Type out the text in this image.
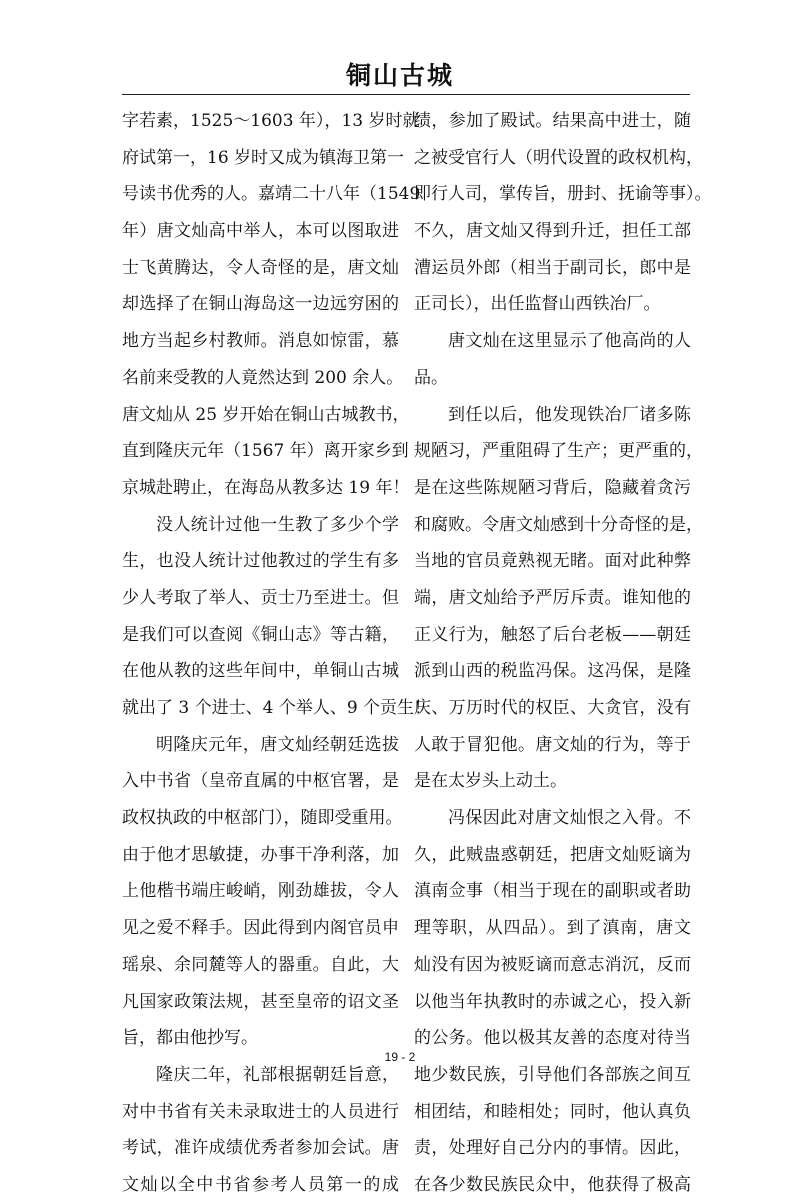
铜山古城
字若素，1525～1603 年），13 岁时就
府试第一，16 岁时又成为镇海卫第一
号读书优秀的人。嘉靖二十八年（1549
年）唐文灿高中举人，本可以图取进
士飞黄腾达，令人奇怪的是，唐文灿
却选择了在铜山海岛这一边远穷困的
地方当起乡村教师。消息如惊雷，慕
名前来受教的人竟然达到 200 余人。
唐文灿从 25 岁开始在铜山古城教书，
直到隆庆元年（1567 年）离开家乡到
京城赴聘止，在海岛从教多达 19 年！
没人统计过他一生教了多少个学
生，也没人统计过他教过的学生有多
少人考取了举人、贡士乃至进士。但
是我们可以查阅《铜山志》等古籍，
在他从教的这些年间中，单铜山古城
就出了 3 个进士、4 个举人、9 个贡生！
明隆庆元年，唐文灿经朝廷选拔
入中书省（皇帝直属的中枢官署，是
政权执政的中枢部门），随即受重用。
由于他才思敏捷，办事干净利落，加
上他楷书端庄峻峭，刚劲雄拔，令人
见之爱不释手。因此得到内阁官员申
瑶泉、余同麓等人的器重。自此，大
凡国家政策法规，甚至皇帝的诏文圣
旨，都由他抄写。
隆庆二年，礼部根据朝廷旨意，
对中书省有关未录取进士的人员进行
考试，准许成绩优秀者参加会试。唐
文灿以全中书省参考人员第一的成
绩，参加了殿试。结果高中进士，随
之被受官行人（明代设置的政权机构，
即行人司，掌传旨，册封、抚谕等事）。
不久，唐文灿又得到升迁，担任工部
漕运员外郎（相当于副司长，郎中是
正司长），出任监督山西铁冶厂。
唐文灿在这里显示了他高尚的人
品。
到任以后，他发现铁冶厂诸多陈
规陋习，严重阻碍了生产；更严重的，
是在这些陈规陋习背后，隐藏着贪污
和腐败。令唐文灿感到十分奇怪的是，
当地的官员竟熟视无睹。面对此种弊
端，唐文灿给予严厉斥责。谁知他的
正义行为，触怒了后台老板——朝廷
派到山西的税监冯保。这冯保，是隆
庆、万历时代的权臣、大贪官，没有
人敢于冒犯他。唐文灿的行为，等于
是在太岁头上动土。
冯保因此对唐文灿恨之入骨。不
久，此贼蛊惑朝廷，把唐文灿贬谪为
滇南佥事（相当于现在的副职或者助
理等职，从四品）。到了滇南，唐文
灿没有因为被贬谪而意志消沉，反而
以他当年执教时的赤诚之心，投入新
的公务。他以极其友善的态度对待当
地少数民族，引导他们各部族之间互
相团结，和睦相处；同时，他认真负
责，处理好自己分内的事情。因此，
在各少数民族民众中，他获得了极高
19 - 2
